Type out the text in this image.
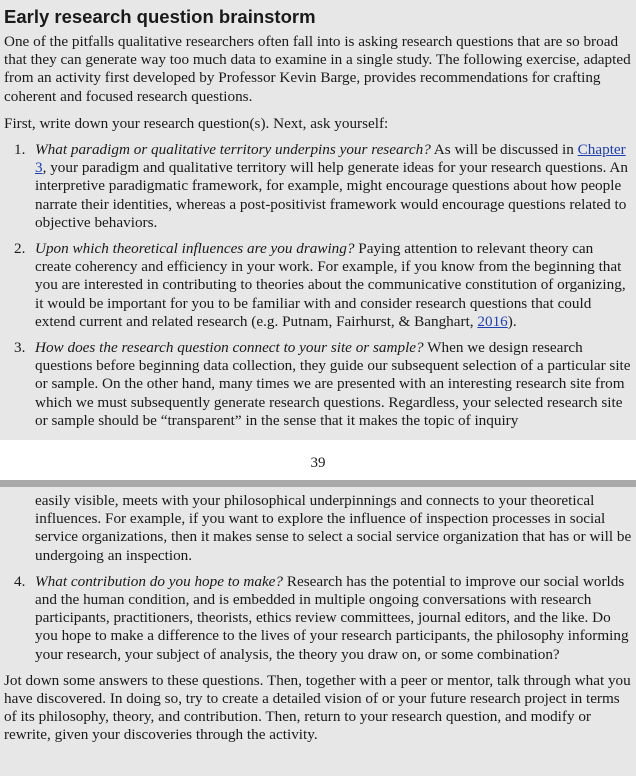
Early research question brainstorm

One of the pitfalls qualitative researchers often fall into is asking research questions that are so broad that they can generate way too much data to examine in a single study. The following exercise, adapted from an activity first developed by Professor Kevin Barge, provides recommendations for crafting coherent and focused research questions.

First, write down your research question(s). Next, ask yourself:

1. What paradigm or qualitative territory underpins your research? As will be discussed in Chapter 3, your paradigm and qualitative territory will help generate ideas for your research questions. An interpretive paradigmatic framework, for example, might encourage questions about how people narrate their identities, whereas a post-positivist framework would encourage questions related to objective behaviors.
2. Upon which theoretical influences are you drawing? Paying attention to relevant theory can create coherency and efficiency in your work. For example, if you know from the beginning that you are interested in contributing to theories about the communicative constitution of organizing, it would be important for you to be familiar with and consider research questions that could extend current and related research (e.g. Putnam, Fairhurst, & Banghart, 2016).
3. How does the research question connect to your site or sample? When we design research questions before beginning data collection, they guide our subsequent selection of a particular site or sample. On the other hand, many times we are presented with an interesting research site from which we must subsequently generate research questions. Regardless, your selected research site or sample should be “transparent” in the sense that it makes the topic of inquiry
39
easily visible, meets with your philosophical underpinnings and connects to your theoretical influences. For example, if you want to explore the influence of inspection processes in social service organizations, then it makes sense to select a social service organization that has or will be undergoing an inspection.
4. What contribution do you hope to make? Research has the potential to improve our social worlds and the human condition, and is embedded in multiple ongoing conversations with research participants, practitioners, theorists, ethics review committees, journal editors, and the like. Do you hope to make a difference to the lives of your research participants, the philosophy informing your research, your subject of analysis, the theory you draw on, or some combination?

Jot down some answers to these questions. Then, together with a peer or mentor, talk through what you have discovered. In doing so, try to create a detailed vision of or your future research project in terms of its philosophy, theory, and contribution. Then, return to your research question, and modify or rewrite, given your discoveries through the activity.
